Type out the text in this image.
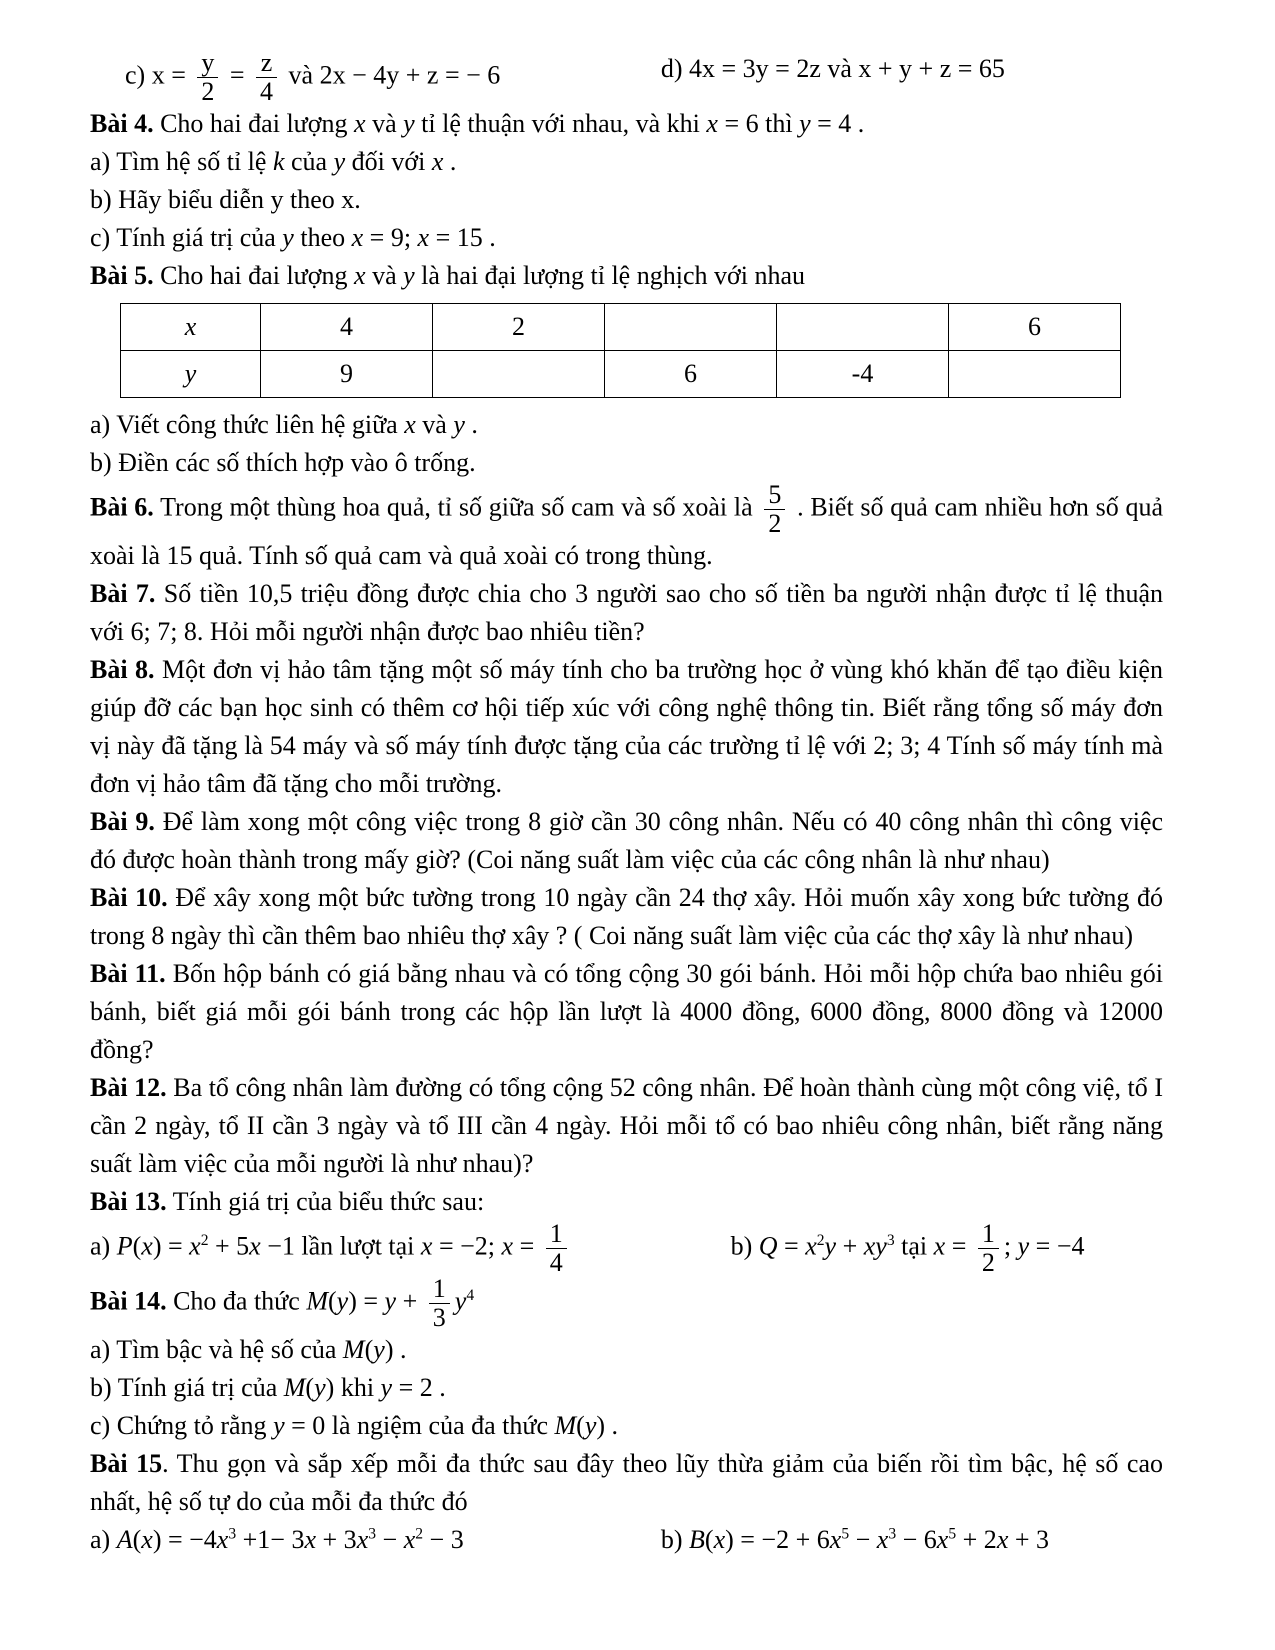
c) $x = \frac{y}{2} = \frac{z}{4}$ và 2x − 4y + z = − 6	d) 4x = 3y = 2z và x + y + z = 65

Bài 4. Cho hai đai lượng x và y tỉ lệ thuận với nhau, và khi x = 6 thì y = 4 .

a) Tìm hệ số tỉ lệ k của y đối với x .

b) Hãy biểu diễn y theo x.

c) Tính giá trị của y theo x = 9; x = 15 .

Bài 5. Cho hai đai lượng x và y là hai đại lượng tỉ lệ nghịch với nhau

x	4	2			6
y	9		6	-4	

a) Viết công thức liên hệ giữa x và y .

b) Điền các số thích hợp vào ô trống.

Bài 6. Trong một thùng hoa quả, tỉ số giữa số cam và số xoài là $\frac{5}{2}$ . Biết số quả cam nhiều hơn số quả xoài là 15 quả. Tính số quả cam và quả xoài có trong thùng.

Bài 7. Số tiền 10,5 triệu đồng được chia cho 3 người sao cho số tiền ba người nhận được tỉ lệ thuận với 6; 7; 8. Hỏi mỗi người nhận được bao nhiêu tiền?

Bài 8. Một đơn vị hảo tâm tặng một số máy tính cho ba trường học ở vùng khó khăn để tạo điều kiện giúp đỡ các bạn học sinh có thêm cơ hội tiếp xúc với công nghệ thông tin. Biết rằng tổng số máy đơn vị này đã tặng là 54 máy và số máy tính được tặng của các trường tỉ lệ với 2; 3; 4 Tính số máy tính mà đơn vị hảo tâm đã tặng cho mỗi trường.

Bài 9. Để làm xong một công việc trong 8 giờ cần 30 công nhân. Nếu có 40 công nhân thì công việc đó được hoàn thành trong mấy giờ? (Coi năng suất làm việc của các công nhân là như nhau)

Bài 10. Để xây xong một bức tường trong 10 ngày cần 24 thợ xây. Hỏi muốn xây xong bức tường đó trong 8 ngày thì cần thêm bao nhiêu thợ xây ? ( Coi năng suất làm việc của các thợ xây là như nhau)

Bài 11. Bốn hộp bánh có giá bằng nhau và có tổng cộng 30 gói bánh. Hỏi mỗi hộp chứa bao nhiêu gói bánh, biết giá mỗi gói bánh trong các hộp lần lượt là 4000 đồng, 6000 đồng, 8000 đồng và 12000 đồng?

Bài 12. Ba tổ công nhân làm đường có tổng cộng 52 công nhân. Để hoàn thành cùng một công việ, tổ I cần 2 ngày, tổ II cần 3 ngày và tổ III cần 4 ngày. Hỏi mỗi tổ có bao nhiêu công nhân, biết rằng năng suất làm việc của mỗi người là như nhau)?

Bài 13. Tính giá trị của biểu thức sau:

a) $P(x) = x^2 + 5x -1$ lần lượt tại x = −2; $x = \frac{1}{4}$	b) $Q = x^2y + xy^3$ tại $x = \frac{1}{2}$ ; y = −4

Bài 14. Cho đa thức $M(y) = y + \frac{1}{3} y^4$

a) Tìm bậc và hệ số của M(y) .

b) Tính giá trị của M(y) khi y = 2 .

c) Chứng tỏ rằng y = 0 là ngiệm của đa thức M(y) .

Bài 15. Thu gọn và sắp xếp mỗi đa thức sau đây theo lũy thừa giảm của biến rồi tìm bậc, hệ số cao nhất, hệ số tự do của mỗi đa thức đó

a) $A(x) = -4x^3 +1- 3x + 3x^3 - x^2 - 3$	b) $B(x) = -2 + 6x^5 - x^3 - 6x^5 + 2x + 3$
